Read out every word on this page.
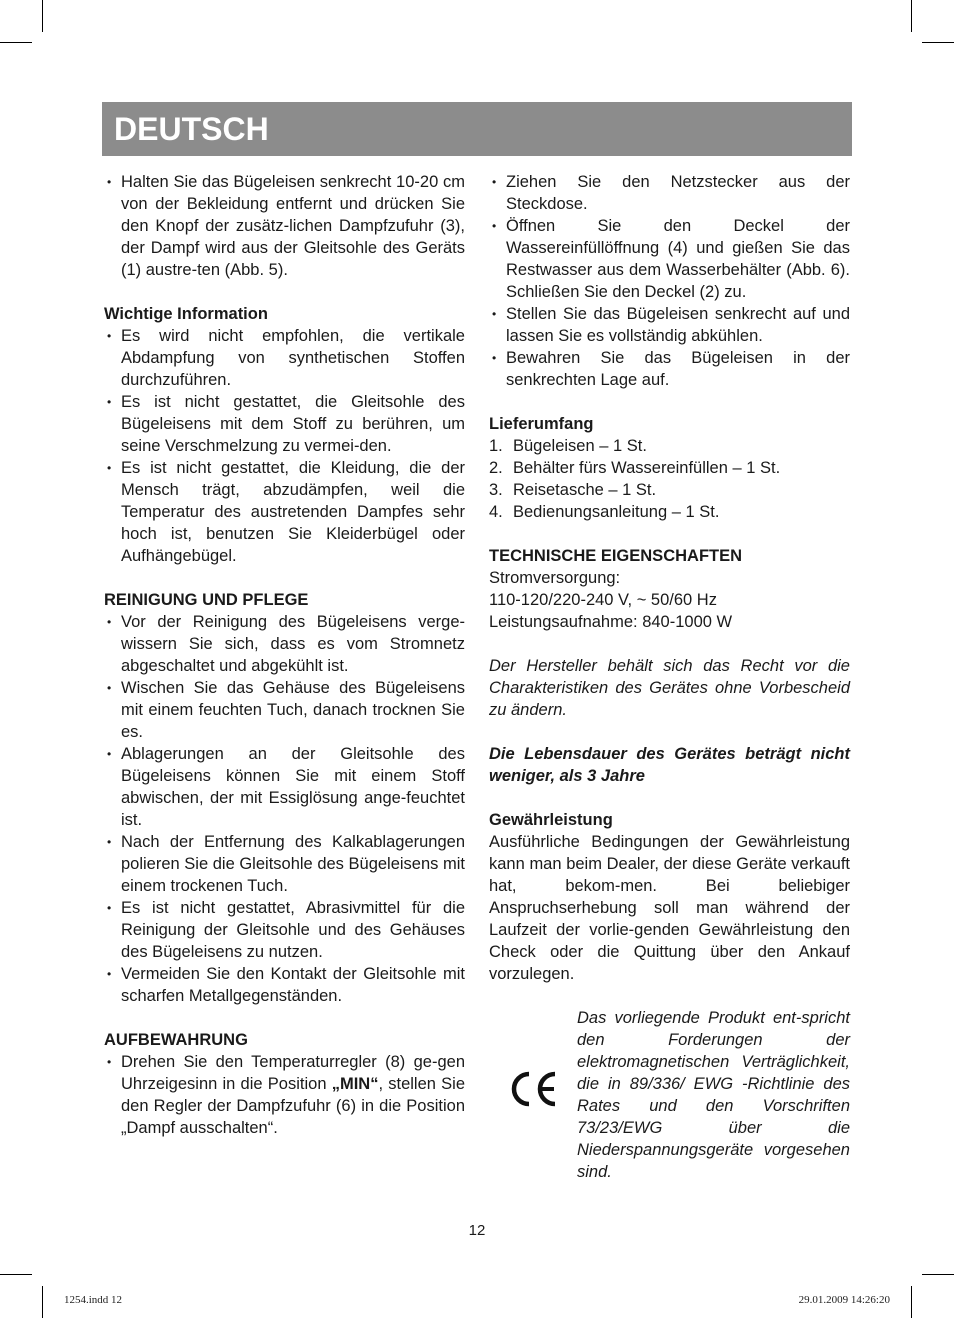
DEUTSCH
• Halten Sie das Bügeleisen senkrecht 10-20 cm von der Bekleidung entfernt und drücken Sie den Knopf der zusätz-lichen Dampfzufuhr (3), der Dampf wird aus der Gleitsohle des Geräts (1) austre-ten (Abb. 5).

Wichtige Information

• Es wird nicht empfohlen, die vertikale Abdampfung von synthetischen Stoffen durchzuführen.
• Es ist nicht gestattet, die Gleitsohle des Bügeleisens mit dem Stoff zu berühren, um seine Verschmelzung zu vermei-den.
• Es ist nicht gestattet, die Kleidung, die der Mensch trägt, abzudämpfen, weil die Temperatur des austretenden Dampfes sehr hoch ist, benutzen Sie Kleiderbügel oder Aufhängebügel.

REINIGUNG UND PFLEGE

• Vor der Reinigung des Bügeleisens verge-wissern Sie sich, dass es vom Stromnetz abgeschaltet und abgekühlt ist.
• Wischen Sie das Gehäuse des Bügeleisens mit einem feuchten Tuch, danach trocknen Sie es.
• Ablagerungen an der Gleitsohle des Bügeleisens können Sie mit einem Stoff abwischen, der mit Essiglösung ange-feuchtet ist.
• Nach der Entfernung des Kalkablagerungen polieren Sie die Gleitsohle des Bügeleisens mit einem trockenen Tuch.
• Es ist nicht gestattet, Abrasivmittel für die Reinigung der Gleitsohle und des Gehäuses des Bügeleisens zu nutzen.
• Vermeiden Sie den Kontakt der Gleitsohle mit scharfen Metallgegenständen.

AUFBEWAHRUNG

• Drehen Sie den Temperaturregler (8) ge-gen Uhrzeigesinn in die Position „MIN“, stellen Sie den Regler der Dampfzufuhr (6) in die Position „Dampf ausschalten“.
• Ziehen Sie den Netzstecker aus der Steckdose.
• Öffnen Sie den Deckel der Wassereinfüllöffnung (4) und gießen Sie das Restwasser aus dem Wasserbehälter (Abb. 6). Schließen Sie den Deckel (2) zu.
• Stellen Sie das Bügeleisen senkrecht auf und lassen Sie es vollständig abkühlen.
• Bewahren Sie das Bügeleisen in der senkrechten Lage auf.

Lieferumfang

1. Bügeleisen – 1 St.
2. Behälter fürs Wassereinfüllen – 1 St.
3. Reisetasche – 1 St.
4. Bedienungsanleitung – 1 St.

TECHNISCHE EIGENSCHAFTEN

Stromversorgung:

110-120/220-240 V, ~ 50/60 Hz

Leistungsaufnahme: 840-1000 W

Der Hersteller behält sich das Recht vor die Charakteristiken des Gerätes ohne Vorbescheid zu ändern.

Die Lebensdauer des Gerätes beträgt nicht weniger, als 3 Jahre

Gewährleistung

Ausführliche Bedingungen der Gewährleistung kann man beim Dealer, der diese Geräte verkauft hat, bekom-men. Bei beliebiger Anspruchserhebung soll man während der Laufzeit der vorlie-genden Gewährleistung den Check oder die Quittung über den Ankauf vorzulegen.

Das vorliegende Produkt ent-spricht den Forderungen der elektromagnetischen Verträglichkeit, die in 89/336/ EWG -Richtlinie des Rates und den Vorschriften 73/23/EWG über die Niederspannungsgeräte vorgesehen sind.

12
1254.indd 12	29.01.2009 14:26:20
